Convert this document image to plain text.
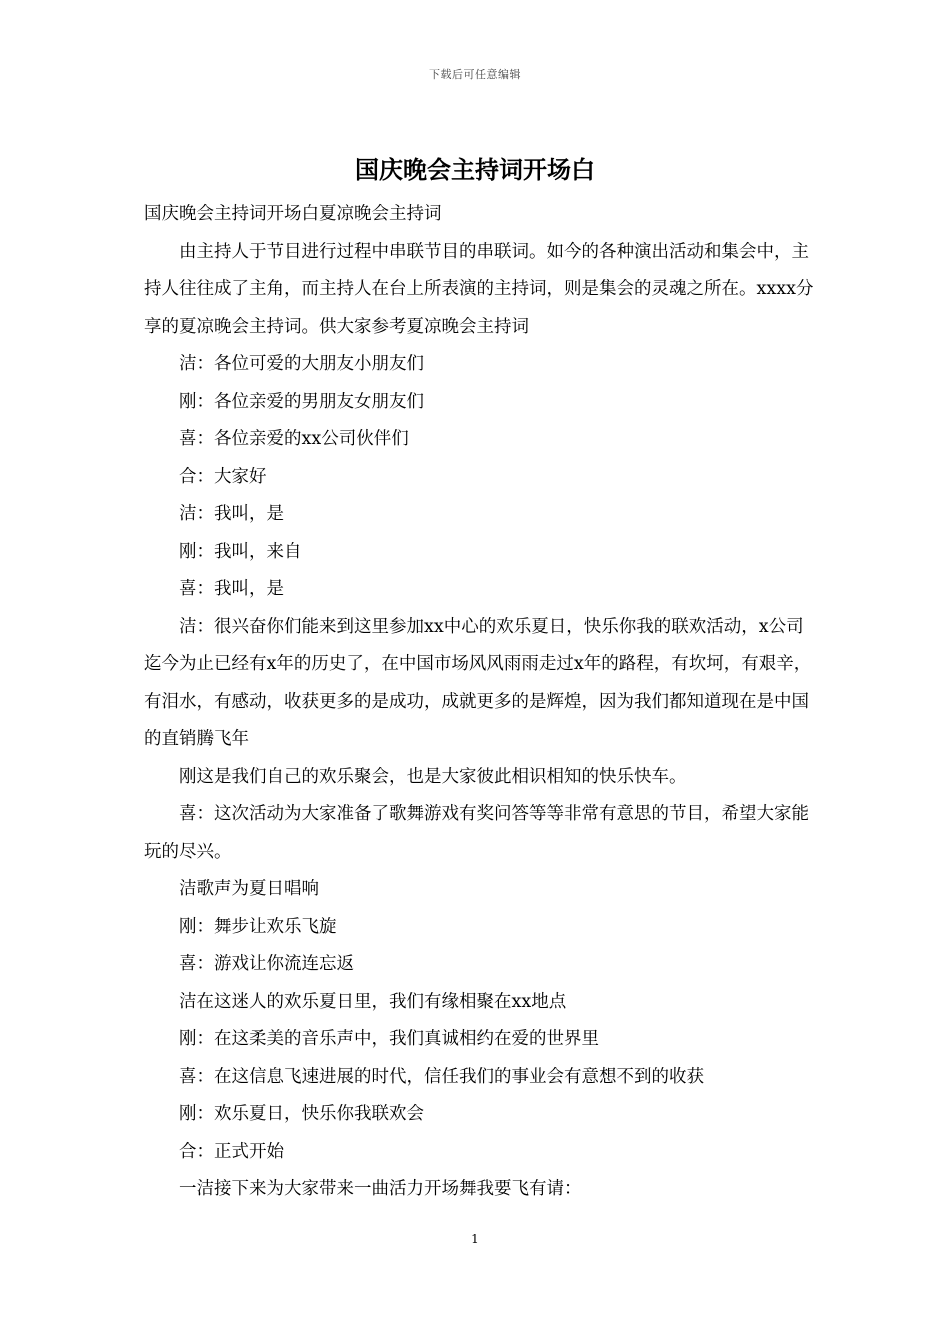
下载后可任意编辑
国庆晚会主持词开场白

国庆晚会主持词开场白夏凉晚会主持词

由主持人于节目进行过程中串联节目的串联词。如今的各种演出活动和集会中，主持人往往成了主角，而主持人在台上所表演的主持词，则是集会的灵魂之所在。xxxx分享的夏凉晚会主持词。供大家参考夏凉晚会主持词

洁：各位可爱的大朋友小朋友们

刚：各位亲爱的男朋友女朋友们

喜：各位亲爱的xx公司伙伴们

合：大家好

洁：我叫，是

刚：我叫，来自

喜：我叫，是

洁：很兴奋你们能来到这里参加xx中心的欢乐夏日，快乐你我的联欢活动，x公司迄今为止已经有x年的历史了，在中国市场风风雨雨走过x年的路程，有坎坷，有艰辛，有泪水，有感动，收获更多的是成功，成就更多的是辉煌，因为我们都知道现在是中国的直销腾飞年

刚这是我们自己的欢乐聚会，也是大家彼此相识相知的快乐快车。

喜：这次活动为大家准备了歌舞游戏有奖问答等等非常有意思的节目，希望大家能玩的尽兴。

洁歌声为夏日唱响

刚：舞步让欢乐飞旋

喜：游戏让你流连忘返

洁在这迷人的欢乐夏日里，我们有缘相聚在xx地点

刚：在这柔美的音乐声中，我们真诚相约在爱的世界里

喜：在这信息飞速进展的时代，信任我们的事业会有意想不到的收获

刚：欢乐夏日，快乐你我联欢会

合：正式开始

一洁接下来为大家带来一曲活力开场舞我要飞有请：

1
